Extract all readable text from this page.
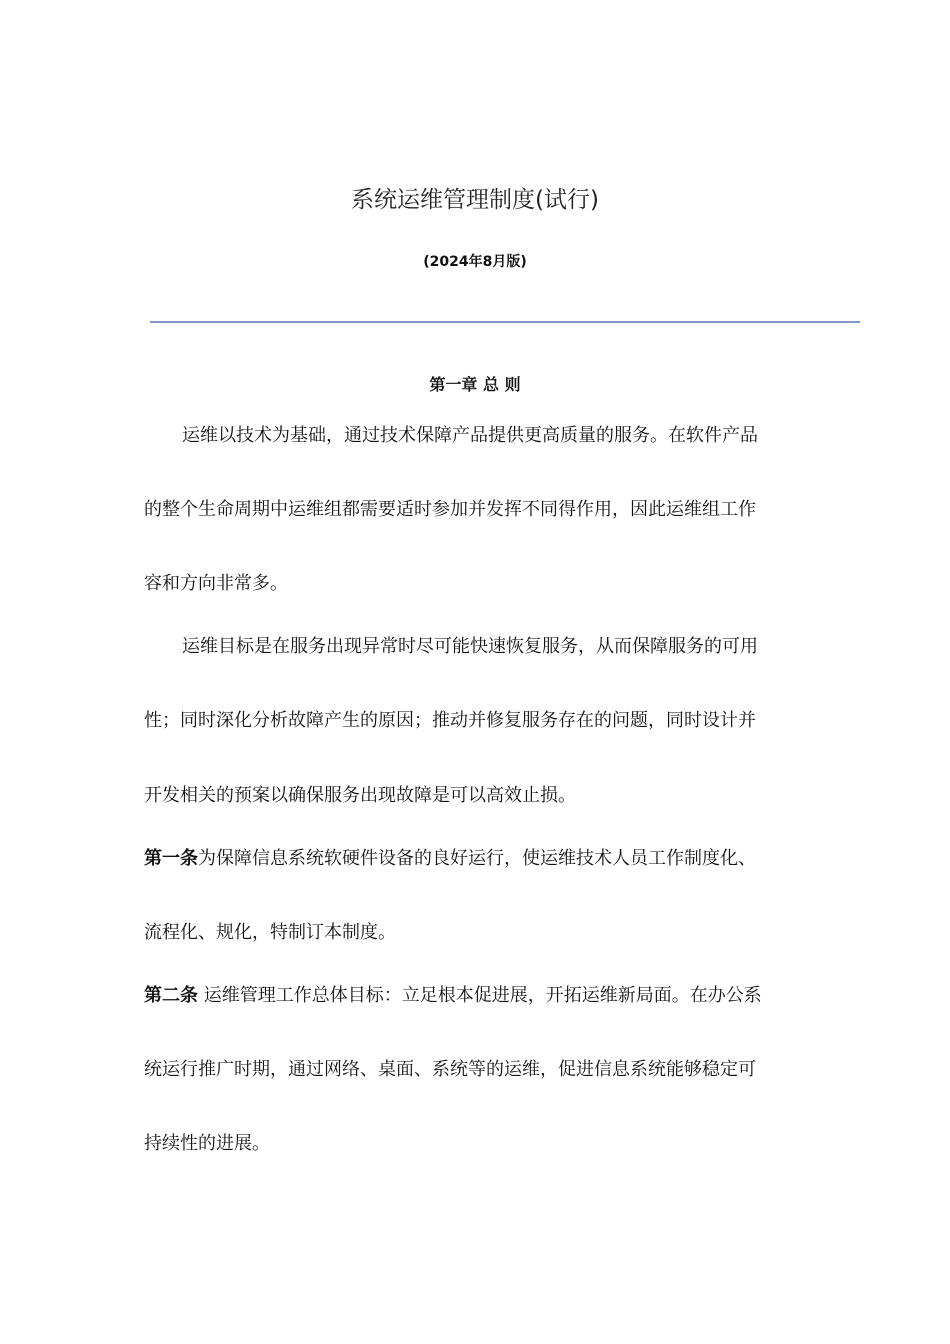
系统运维管理制度(试行)
(2024年8月版)
第一章 总 则
运维以技术为基础，通过技术保障产品提供更高质量的服务。在软件产品
的整个生命周期中运维组都需要适时参加并发挥不同得作用，因此运维组工作
容和方向非常多。
运维目标是在服务出现异常时尽可能快速恢复服务，从而保障服务的可用
性；同时深化分析故障产生的原因；推动并修复服务存在的问题，同时设计并
开发相关的预案以确保服务出现故障是可以高效止损。
第一条为保障信息系统软硬件设备的良好运行，使运维技术人员工作制度化、
流程化、规化，特制订本制度。
第二条 运维管理工作总体目标：立足根本促进展，开拓运维新局面。在办公系
统运行推广时期，通过网络、桌面、系统等的运维，促进信息系统能够稳定可
持续性的进展。
